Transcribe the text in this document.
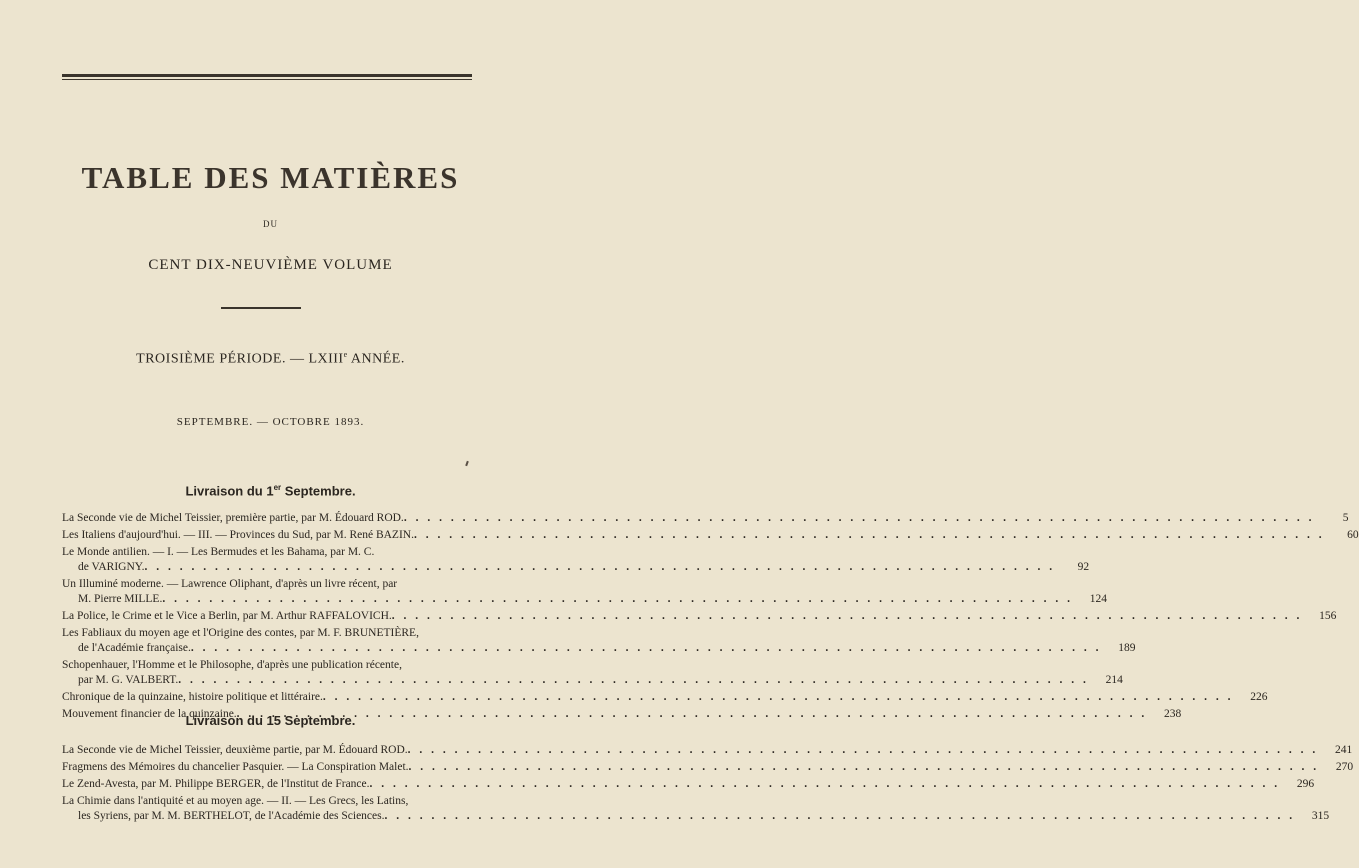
TABLE DES MATIÈRES
DU
CENT DIX-NEUVIÈME VOLUME
TROISIÈME PÉRIODE. — LXIIIe ANNÉE.
SEPTEMBRE. — OCTOBRE 1893.
Livraison du 1er Septembre.
La Seconde vie de Michel Teissier, première partie, par M. Édouard ROD. . . .	5
Les Italiens d'aujourd'hui. — III. — Provinces du Sud, par M. René BAZIN. . . .	60
Le Monde antilien. — I. — Les Bermudes et les Bahama, par M. C.
de VARIGNY. . . .	92
Un Illuminé moderne. — Lawrence Oliphant, d'après un livre récent, par
M. Pierre MILLE. . . .	124
La Police, le Crime et le Vice a Berlin, par M. Arthur RAFFALOVICH. . . .	156
Les Fabliaux du moyen age et l'Origine des contes, par M. F. BRUNETIÈRE,
de l'Académie française. . . .	189
Schopenhauer, l'Homme et le Philosophe, d'après une publication récente,
par M. G. VALBERT. . . .	214
Chronique de la quinzaine, histoire politique et littéraire. . . .	226
Mouvement financier de la quinzaine. . . .	238
Livraison du 15 Septembre.
La Seconde vie de Michel Teissier, deuxième partie, par M. Édouard ROD. . . .	241
Fragmens des Mémoires du chancelier Pasquier. — La Conspiration Malet. . . .	270
Le Zend-Avesta, par M. Philippe BERGER, de l'Institut de France. . . .	296
La Chimie dans l'antiquité et au moyen age. — II. — Les Grecs, les Latins,
les Syriens, par M. M. BERTHELOT, de l'Académie des Sciences. . . .	315
